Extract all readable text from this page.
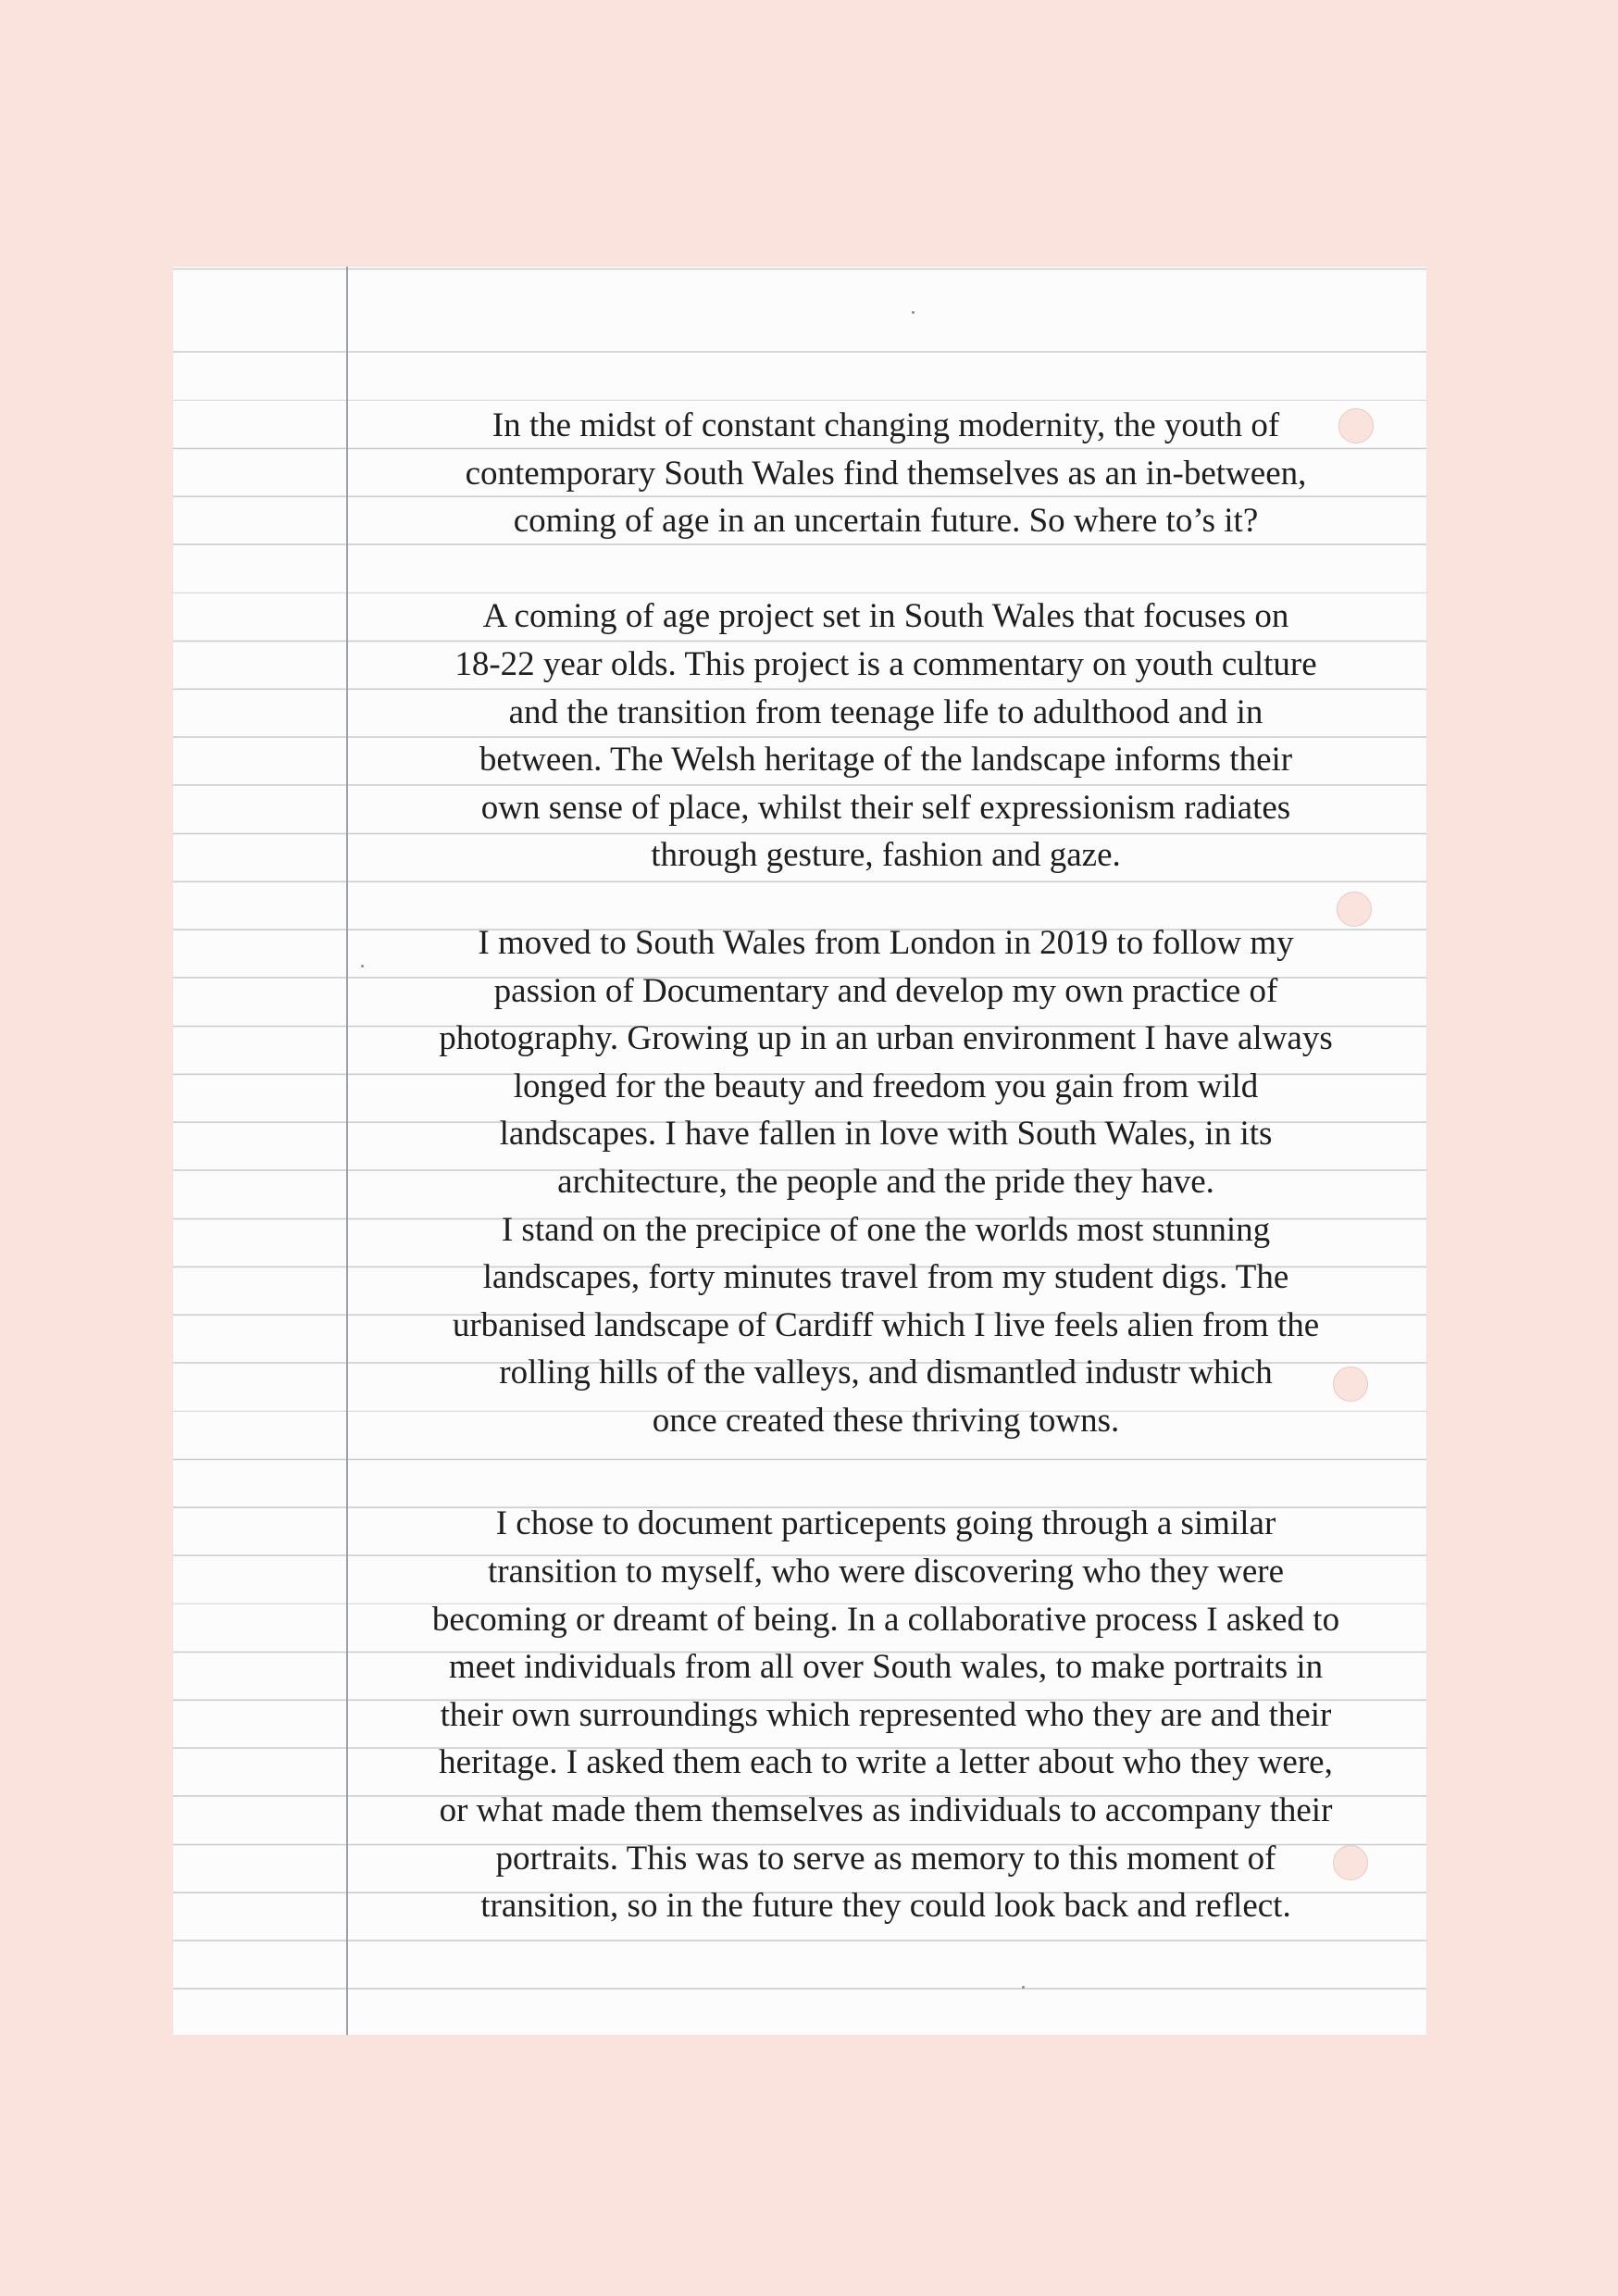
In the midst of constant changing modernity, the youth of
contemporary South Wales find themselves as an in-between,
coming of age in an uncertain future. So where to’s it?

A coming of age project set in South Wales that focuses on
18-22 year olds. This project is a commentary on youth culture
and the transition from teenage life to adulthood and in
between. The Welsh heritage of the landscape informs their
own sense of place, whilst their self expressionism radiates
through gesture, fashion and gaze.

I moved to South Wales from London in 2019 to follow my
passion of Documentary and develop my own practice of
photography. Growing up in an urban environment I have always
longed for the beauty and freedom you gain from wild
landscapes. I have fallen in love with South Wales, in its
architecture, the people and the pride they have.
I stand on the precipice of one the worlds most stunning
landscapes, forty minutes travel from my student digs. The
urbanised landscape of Cardiff which I live feels alien from the
rolling hills of the valleys, and dismantled industr which
once created these thriving towns.

I chose to document particepents going through a similar
transition to myself, who were discovering who they were
becoming or dreamt of being. In a collaborative process I asked to
meet individuals from all over South wales, to make portraits in
their own surroundings which represented who they are and their
heritage. I asked them each to write a letter about who they were,
or what made them themselves as individuals to accompany their
portraits. This was to serve as memory to this moment of
transition, so in the future they could look back and reflect.
